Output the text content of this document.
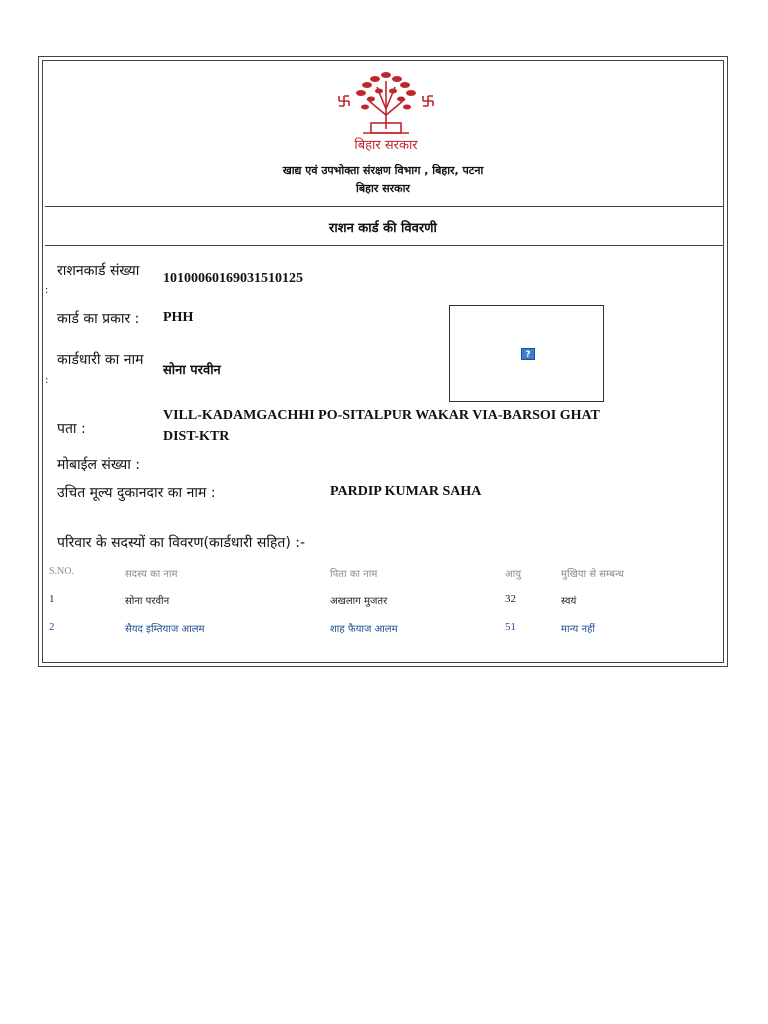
बिहार सरकार
खाद्य एवं उपभोक्ता संरक्षण विभाग , बिहार, पटना
बिहार सरकार
राशन कार्ड की विवरणी
राशनकार्ड संख्या
:
10100060169031510125
कार्ड का प्रकार : PHH
कार्डधारी का नाम
:
सोना परवीन
?
पता :
VILL-KADAMGACHHI PO-SITALPUR WAKAR VIA-BARSOI GHAT
DIST-KTR
मोबाईल संख्या :
उचित मूल्य दुकानदार का नाम :	PARDIP KUMAR SAHA
परिवार के सदस्यों का विवरण(कार्डधारी सहित) :-
S.NO.	सदस्य का नाम	पिता का नाम	आयु	मुखिया से सम्बन्ध
1	सोना परवीन	अखलाग मुजतर	32	स्वयं
2	सैयद इम्तियाज आलम	शाह फैयाज आलम	51	मान्य नहीं
